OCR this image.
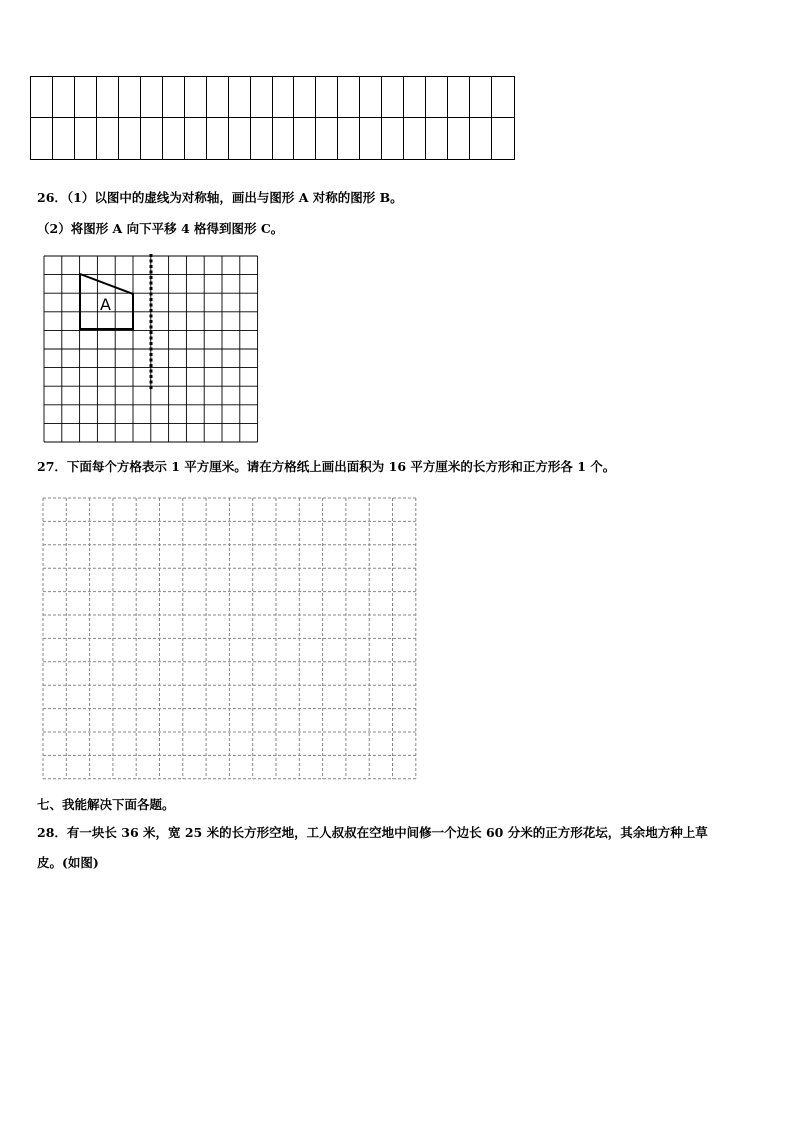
26．（1）以图中的虚线为对称轴，画出与图形 A 对称的图形 B。
（2）将图形 A 向下平移 4 格得到图形 C。
A
27．下面每个方格表示 1 平方厘米。请在方格纸上画出面积为 16 平方厘米的长方形和正方形各 1 个。
七、我能解决下面各题。
28．有一块长 36 米，宽 25 米的长方形空地，工人叔叔在空地中间修一个边长 60 分米的正方形花坛，其余地方种上草
皮。(如图)
